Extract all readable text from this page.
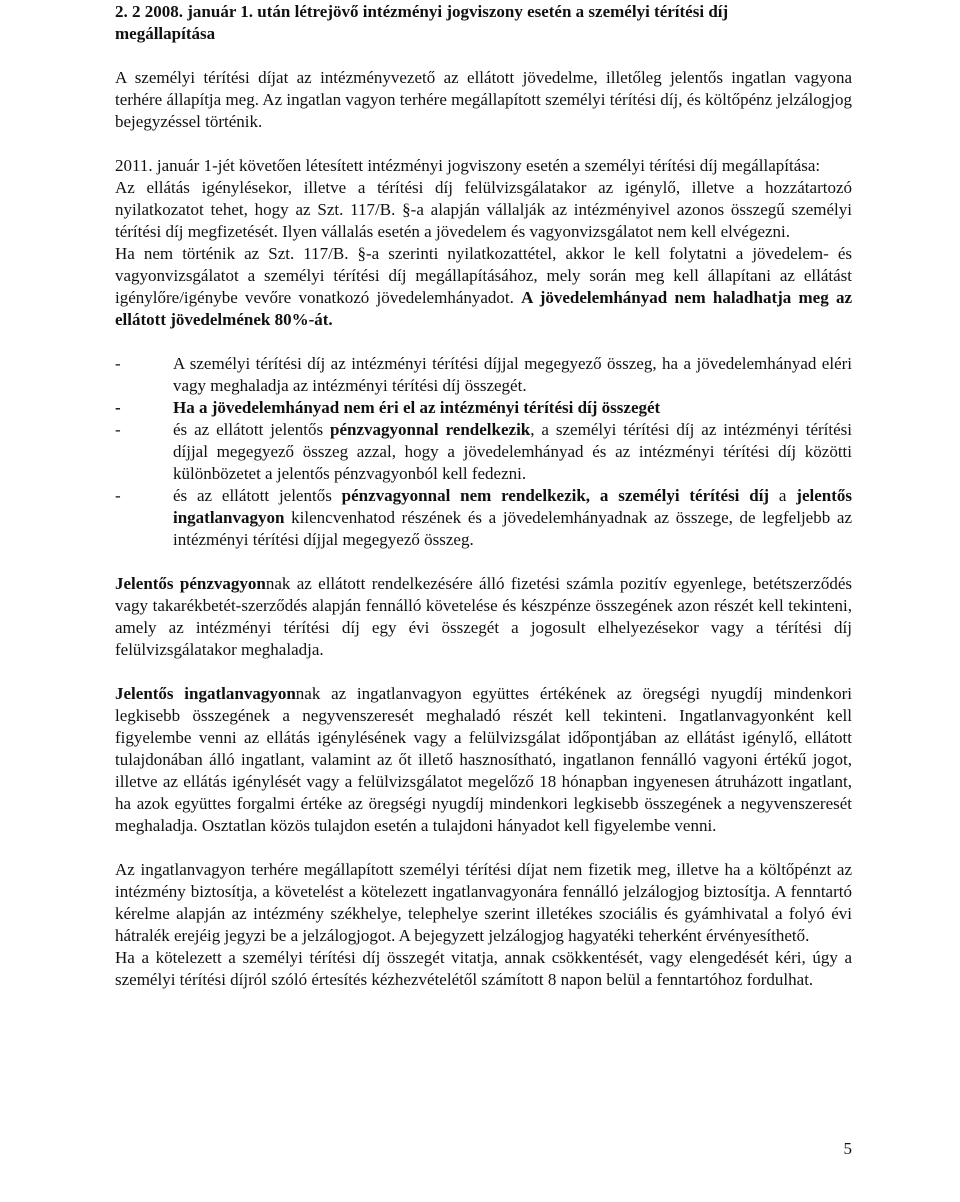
2. 2 2008. január 1. után létrejövő intézményi jogviszony esetén a személyi térítési díj
megállapítása

A személyi térítési díjat az intézményvezető az ellátott jövedelme, illetőleg jelentős ingatlan vagyona terhére állapítja meg. Az ingatlan vagyon terhére megállapított személyi térítési díj, és költőpénz jelzálogjog bejegyzéssel történik.

2011. január 1-jét követően létesített intézményi jogviszony esetén a személyi térítési díj megállapítása:

Az ellátás igénylésekor, illetve a térítési díj felülvizsgálatakor az igénylő, illetve a hozzátartozó nyilatkozatot tehet, hogy az Szt. 117/B. §-a alapján vállalják az intézményivel azonos összegű személyi térítési díj megfizetését. Ilyen vállalás esetén a jövedelem és vagyonvizsgálatot nem kell elvégezni.

Ha nem történik az Szt. 117/B. §-a szerinti nyilatkozattétel, akkor le kell folytatni a jövedelem- és vagyonvizsgálatot a személyi térítési díj megállapításához, mely során meg kell állapítani az ellátást igénylőre/igénybe vevőre vonatkozó jövedelemhányadot. A jövedelemhányad nem haladhatja meg az ellátott jövedelmének 80%-át.

-	A személyi térítési díj az intézményi térítési díjjal megegyező összeg, ha a jövedelemhányad eléri vagy meghaladja az intézményi térítési díj összegét.
-	Ha a jövedelemhányad nem éri el az intézményi térítési díj összegét
-	és az ellátott jelentős pénzvagyonnal rendelkezik, a személyi térítési díj az intézményi térítési díjjal megegyező összeg azzal, hogy a jövedelemhányad és az intézményi térítési díj közötti különbözetet a jelentős pénzvagyonból kell fedezni.
-	és az ellátott jelentős pénzvagyonnal nem rendelkezik, a személyi térítési díj a jelentős ingatlanvagyon kilencvenhatod részének és a jövedelemhányadnak az összege, de legfeljebb az intézményi térítési díjjal megegyező összeg.

Jelentős pénzvagyonnak az ellátott rendelkezésére álló fizetési számla pozitív egyenlege, betétszerződés vagy takarékbetét-szerződés alapján fennálló követelése és készpénze összegének azon részét kell tekinteni, amely az intézményi térítési díj egy évi összegét a jogosult elhelyezésekor vagy a térítési díj felülvizsgálatakor meghaladja.

Jelentős ingatlanvagyonnak az ingatlanvagyon együttes értékének az öregségi nyugdíj mindenkori legkisebb összegének a negyvenszeresét meghaladó részét kell tekinteni. Ingatlanvagyonként kell figyelembe venni az ellátás igénylésének vagy a felülvizsgálat időpontjában az ellátást igénylő, ellátott tulajdonában álló ingatlant, valamint az őt illető hasznosítható, ingatlanon fennálló vagyoni értékű jogot, illetve az ellátás igénylését vagy a felülvizsgálatot megelőző 18 hónapban ingyenesen átruházott ingatlant, ha azok együttes forgalmi értéke az öregségi nyugdíj mindenkori legkisebb összegének a negyvenszeresét meghaladja. Osztatlan közös tulajdon esetén a tulajdoni hányadot kell figyelembe venni.

Az ingatlanvagyon terhére megállapított személyi térítési díjat nem fizetik meg, illetve ha a költőpénzt az intézmény biztosítja, a követelést a kötelezett ingatlanvagyonára fennálló jelzálogjog biztosítja. A fenntartó kérelme alapján az intézmény székhelye, telephelye szerint illetékes szociális és gyámhivatal a folyó évi hátralék erejéig jegyzi be a jelzálogjogot. A bejegyzett jelzálogjog hagyatéki teherként érvényesíthető.

Ha a kötelezett a személyi térítési díj összegét vitatja, annak csökkentését, vagy elengedését kéri, úgy a személyi térítési díjról szóló értesítés kézhezvételétől számított 8 napon belül a fenntartóhoz fordulhat.

5
